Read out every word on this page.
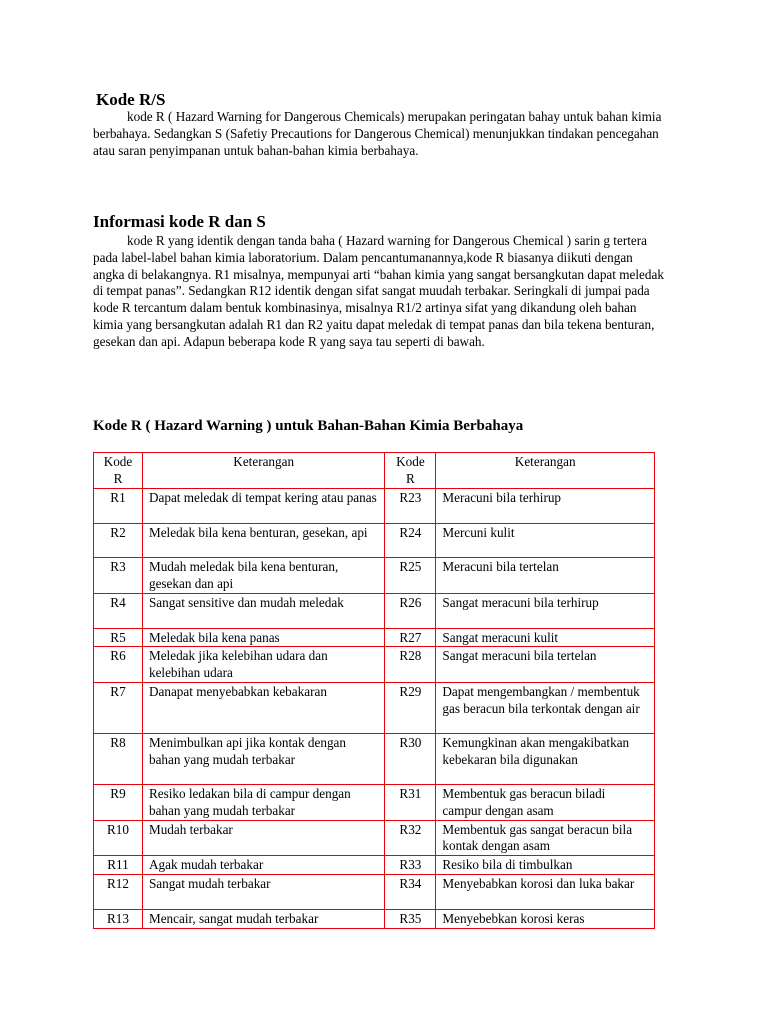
Kode R/S

kode R ( Hazard Warning for Dangerous Chemicals) merupakan peringatan bahay untuk bahan kimia berbahaya. Sedangkan S (Safetiy Precautions for Dangerous Chemical) menunjukkan tindakan pencegahan atau saran penyimpanan untuk bahan-bahan kimia berbahaya.

Informasi kode R dan S

kode R yang identik dengan tanda baha ( Hazard warning for Dangerous Chemical ) sarin g tertera pada label-label bahan kimia laboratorium. Dalam pencantumanannya,kode R biasanya diikuti dengan angka di belakangnya. R1 misalnya, mempunyai arti “bahan kimia yang sangat bersangkutan dapat meledak di tempat panas”. Sedangkan R12 identik dengan sifat sangat muudah terbakar. Seringkali di jumpai pada kode R tercantum dalam bentuk kombinasinya, misalnya R1/2 artinya sifat yang dikandung oleh bahan kimia yang bersangkutan adalah R1 dan R2 yaitu dapat meledak di tempat panas dan bila tekena benturan, gesekan dan api. Adapun beberapa kode R yang saya tau seperti di bawah.

Kode R ( Hazard Warning ) untuk Bahan-Bahan Kimia Berbahaya
Kode R	Keterangan	Kode R	Keterangan
R1	Dapat meledak di tempat kering atau panas	R23	Meracuni bila terhirup
R2	Meledak bila kena benturan, gesekan, api	R24	Mercuni kulit
R3	Mudah meledak bila kena benturan, gesekan dan api	R25	Meracuni bila tertelan
R4	Sangat sensitive dan mudah meledak	R26	Sangat meracuni bila terhirup
R5	Meledak bila kena panas	R27	Sangat meracuni kulit
R6	Meledak jika kelebihan udara dan kelebihan udara	R28	Sangat meracuni bila tertelan
R7	Danapat menyebabkan kebakaran	R29	Dapat mengembangkan / membentuk gas beracun bila terkontak dengan air
R8	Menimbulkan api jika kontak dengan bahan yang mudah terbakar	R30	Kemungkinan akan mengakibatkan kebekaran bila digunakan
R9	Resiko ledakan bila di campur dengan bahan yang mudah terbakar	R31	Membentuk gas beracun biladi campur dengan asam
R10	Mudah terbakar	R32	Membentuk gas sangat beracun bila kontak dengan asam
R11	Agak mudah terbakar	R33	Resiko bila di timbulkan
R12	Sangat mudah terbakar	R34	Menyebabkan korosi dan luka bakar
R13	Mencair, sangat mudah terbakar	R35	Menyebebkan korosi keras
